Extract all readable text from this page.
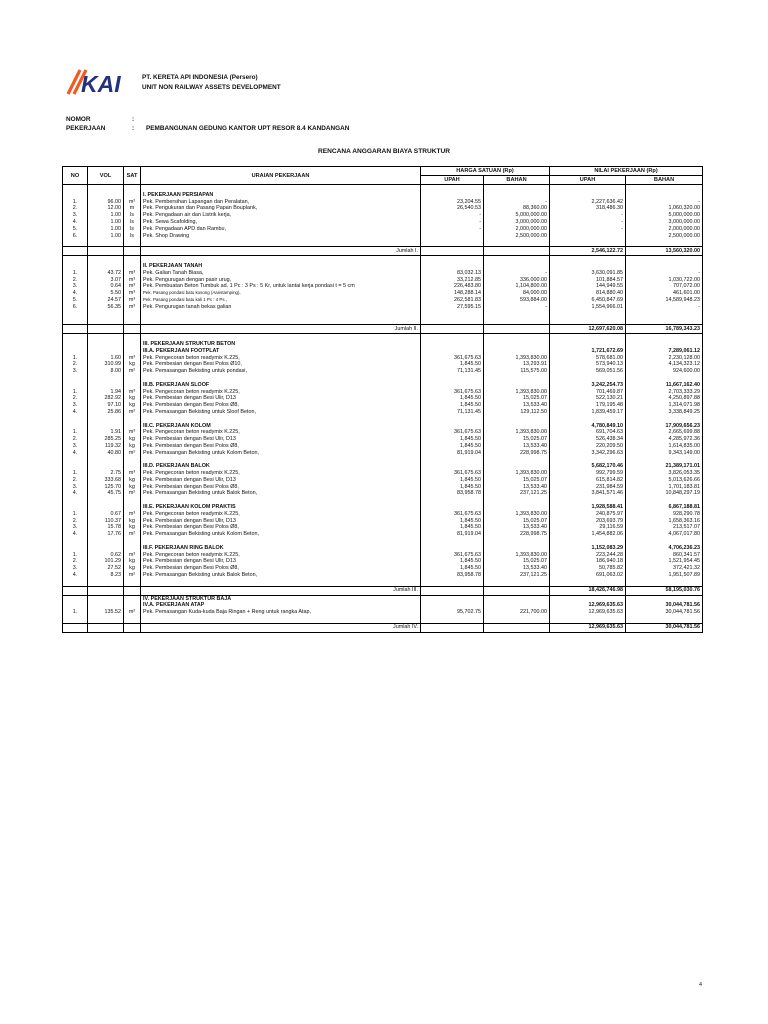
KAI	PT. KERETA API INDONESIA (Persero)
UNIT NON RAILWAY ASSETS DEVELOPMENT
NOMOR	:
PEKERJAAN	: PEMBANGUNAN GEDUNG KANTOR UPT RESOR 8.4 KANDANGAN
RENCANA ANGGARAN BIAYA STRUKTUR
NO	VOL	SAT	URAIAN PEKERJAAN	HARGA SATUAN (Rp)		NILAI PEKERJAAN (Rp)	
				UPAH	BAHAN	UPAH	BAHAN

			I. PEKERJAAN PERSIAPAN				
1.	96.00	m²	Pek. Pembersihan Lapangan dan Peralatan,	23,204.55	-	2,227,636.42	-
2.	12.00	m	Pek. Pengukuran dan Pasang Papan Bouplank,	26,540.53	88,360.00	318,486.30	1,060,320.00
3.	1.00	ls	Pek. Pengadaan air dan Listrik kerja,	-	5,000,000.00	-	5,000,000.00
4.	1.00	ls	Pek. Sewa Scafolding,	-	3,000,000.00	-	3,000,000.00
5.	1.00	ls	Pek. Pengadaan APD dan Rambu,	-	2,000,000.00	-	2,000,000.00
6.	1.00	ls	Pek. Shop Drawing		2,500,000.00		2,500,000.00

			Jumlah I.			2,546,122.72	13,560,320.00

			II. PEKERJAAN TANAH				
1.	43.72	m³	Pek. Galian Tanah Biasa,	83,032.13	-	3,630,091.85	-
2.	3.07	m³	Pek. Pengurugan dengan pasir urug,	33,212.85	336,000.00	101,884.57	1,030,722.00
3.	0.64	m³	Pek. Pembuatan Beton Tumbuk ad. 1 Pc : 3 Ps : 5 Kr, untuk lantai kerja pondasi t = 5 cm	226,483.80	1,104,800.00	144,949.55	707,072.00
4.	5.50	m³	Pek. Pasang pondasi batu kosong (Aanstamping),	148,288.14	84,000.00	814,880.40	461,601.00
5.	24.57	m³	Pek. Pasang pondasi batu kali 1 Pc : 4 Ps ,	262,581.83	593,884.00	6,450,847.69	14,589,948.23
6.	56.35	m³	Pek. Pengurugan tanah bekas galian	27,595.15	-	1,554,966.01	-

			Jumlah II.			12,697,620.08	16,789,343.23

			III. PEKERJAAN STRUKTUR BETON				
			III.A. PEKERJAAN FOOTPLAT			1,721,672.69	7,289,061.12
1.	1.60	m³	Pek. Pengecoran beton readymix K.225,	361,675.63	1,393,830.00	578,681.00	2,230,128.00
2.	310.99	kg	Pek. Pembesian dengan Besi Polos Ø10,	1,845.50	13,293.91	573,940.13	4,134,323.12
3.	8.00	m²	Pek. Pemasangan Bekisting untuk pondasi,	71,131.45	115,575.00	569,051.56	924,600.00

			III.B. PEKERJAAN SLOOF			3,242,254.73	11,667,162.40
1.	1.94	m³	Pek. Pengecoran beton readymix K.225,	361,675.63	1,393,830.00	701,469.87	2,703,333.29
2.	282.92	kg	Pek. Pembesian dengan Besi Ulir, D13	1,845.50	15,025.07	522,130.21	4,250,897.88
3.	97.10	kg	Pek. Pembesian dengan Besi Polos Ø8,	1,845.50	13,533.40	179,195.48	1,314,071.98
4.	25.86	m²	Pek. Pemasangan Bekisting untuk Sloof Beton,	71,131.45	129,112.50	1,839,459.17	3,338,849.25

			III.C. PEKERJAAN KOLOM			4,780,849.10	17,909,656.23
1.	1.91	m³	Pek. Pengecoran beton readymix K.225,	361,675.63	1,393,830.00	691,704.63	2,665,699.88
2.	285.25	kg	Pek. Pembesian dengan Besi Ulir, D13	1,845.50	15,025.07	526,438.34	4,285,972.36
3.	119.32	kg	Pek. Pembesian dengan Besi Polos Ø8,	1,845.50	13,533.40	220,209.50	1,614,835.00
4.	40.80	m²	Pek. Pemasangan Bekisting untuk Kolom Beton,	81,919.04	228,998.75	3,342,296.63	9,343,149.00

			III.D. PEKERJAAN BALOK			5,682,170.46	21,389,171.01
1.	2.75	m³	Pek. Pengecoran beton readymix K.225,	361,675.63	1,393,830.00	992,799.59	3,826,053.35
2.	333.68	kg	Pek. Pembesian dengan Besi Ulir, D13	1,845.50	15,025.07	615,814.82	5,013,626.66
3.	125.70	kg	Pek. Pembesian dengan Besi Polos Ø8,	1,845.50	13,533.40	231,984.59	1,701,183.81
4.	45.75	m²	Pek. Pemasangan Bekisting untuk Balok Beton,	83,958.78	237,121.25	3,841,571.46	10,848,297.19

			III.E. PEKERJAAN KOLOM PRAKTIS			1,928,588.41	6,867,188.81
1.	0.67	m³	Pek. Pengecoran beton readymix K.225,	361,675.63	1,393,830.00	240,875.97	928,290.78
2.	110.37	kg	Pek. Pembesian dengan Besi Ulir, D13	1,845.50	15,025.07	203,693.79	1,658,363.16
3.	15.78	kg	Pek. Pembesian dengan Besi Polos Ø8,	1,845.50	13,533.40	29,116.59	213,517.07
4.	17.76	m²	Pek. Pemasangan Bekisting untuk Kolom Beton,	81,919.04	228,998.75	1,454,882.06	4,067,017.80

			III.F. PEKERJAAN RING BALOK			1,152,083.29	4,706,236.23
1.	0.62	m³	Pek. Pengecoran beton readymix K.225,	361,675.63	1,393,830.00	223,244.28	860,341.57
2.	101.29	kg	Pek. Pembesian dengan Besi Ulir, D13	1,845.50	15,025.07	186,940.18	1,521,954.45
3.	27.52	kg	Pek. Pembesian dengan Besi Polos Ø8,	1,845.50	13,533.40	50,785.82	372,421.32
4.	8.23	m²	Pek. Pemasangan Bekisting untuk Balok Beton,	83,958.78	237,121.25	691,063.02	1,951,507.89

			Jumlah III.			18,426,746.98	58,195,030.76
			IV. PEKERJAAN STRUKTUR BAJA				
			IV.A. PEKERJAAN ATAP			12,969,635.63	30,044,781.56
1.	135.52	m²	Pek. Pemasangan Kuda-kuda Baja Ringan + Reng untuk rangka Atap,	95,702.75	221,700.00	12,969,635.63	30,044,781.56

			Jumlah IV.			12,969,635.63	30,044,781.56
4
